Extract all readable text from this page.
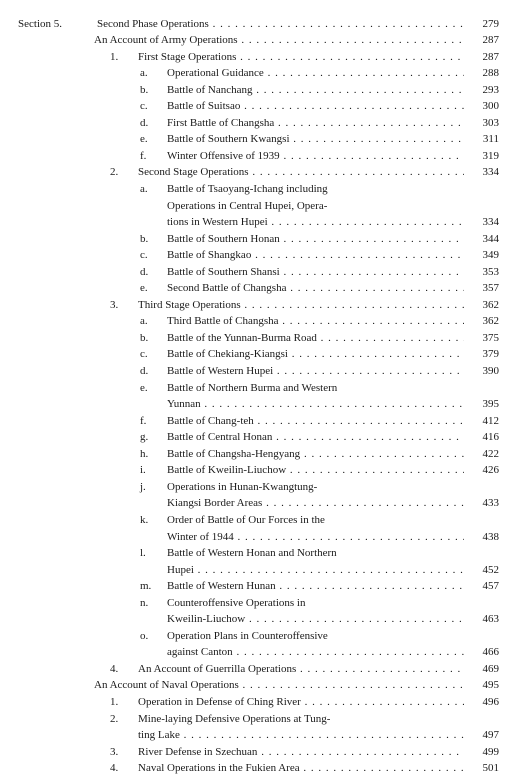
Section 5.	Second Phase Operations . . .	279
An Account of Army Operations . . .	287
1. First Stage Operations . . .	287
a. Operational Guidance . . .	288
b. Battle of Nanchang . . .	293
c. Battle of Suitsao . . .	300
d. First Battle of Changsha . . .	303
e. Battle of Southern Kwangsi . . .	311
f. Winter Offensive of 1939 . . .	319
2. Second Stage Operations . . .	334
a. Battle of Tsaoyang-Ichang including
Operations in Central Hupei, Opera-
tions in Western Hupei . . .	334
b. Battle of Southern Honan . . .	344
c. Battle of Shangkao . . .	349
d. Battle of Southern Shansi . . .	353
e. Second Battle of Changsha . . .	357
3. Third Stage Operations . . .	362
a. Third Battle of Changsha . . .	362
b. Battle of the Yunnan-Burma Road . . .	375
c. Battle of Chekiang-Kiangsi . . .	379
d. Battle of Western Hupei . . .	390
e. Battle of Northern Burma and Western
Yunnan . . .	395
f. Battle of Chang-teh . . .	412
g. Battle of Central Honan . . .	416
h. Battle of Changsha-Hengyang . . .	422
i. Battle of Kweilin-Liuchow . . .	426
j. Operations in Hunan-Kwangtung-
Kiangsi Border Areas . . .	433
k. Order of Battle of Our Forces in the
Winter of 1944 . . .	438
l. Battle of Western Honan and Northern
Hupei . . .	452
m. Battle of Western Hunan . . .	457
n. Counteroffensive Operations in
Kweilin-Liuchow . . .	463
o. Operation Plans in Counteroffensive
against Canton . . .	466
4. An Account of Guerrilla Operations . . .	469
An Account of Naval Operations . . .	495
1. Operation in Defense of Ching River . . .	496
2. Mine-laying Defensive Operations at Tung-
ting Lake . . .	497
3. River Defense in Szechuan . . .	499
4. Naval Operations in the Fukien Area . . .	501
